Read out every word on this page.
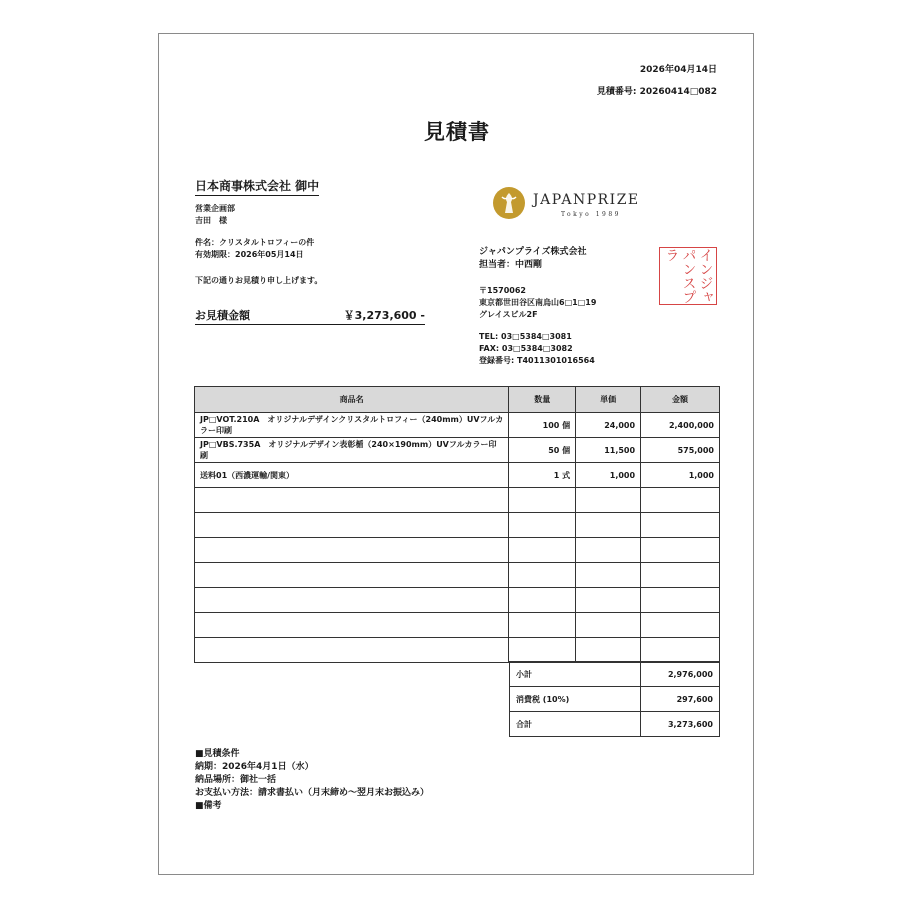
2026年04月14日
見積番号: 20260414□082
見積書
日本商事株式会社 御中
営業企画部
吉田　様
件名：クリスタルトロフィーの件
有効期限：2026年05月14日
下記の通りお見積り申し上げます。
お見積金額	￥3,273,600 -
JAPANPRIZE
Tokyo 1989
ジャパンプライズ株式会社
担当者：中西剛
〒1570062
東京都世田谷区南烏山6□1□19
グレイスビル2F
TEL: 03□5384□3081
FAX: 03□5384□3082
登録番号: T4011301016564
インジャパンスプラ
商品名	数量	単価	金額
JP□VOT.210A　オリジナルデザインクリスタルトロフィー（240mm）UVフルカラー印刷	100 個	24,000	2,400,000
JP□VBS.735A　オリジナルデザイン表彰楯（240×190mm）UVフルカラー印刷	50 個	11,500	575,000
送料01（西濃運輸/関東）	1 式	1,000	1,000

小計	2,976,000
消費税 (10%)	297,600
合計	3,273,600
■見積条件
納期：2026年4月1日（水）
納品場所：御社一括
お支払い方法：請求書払い（月末締め～翌月末お振込み）
■備考
